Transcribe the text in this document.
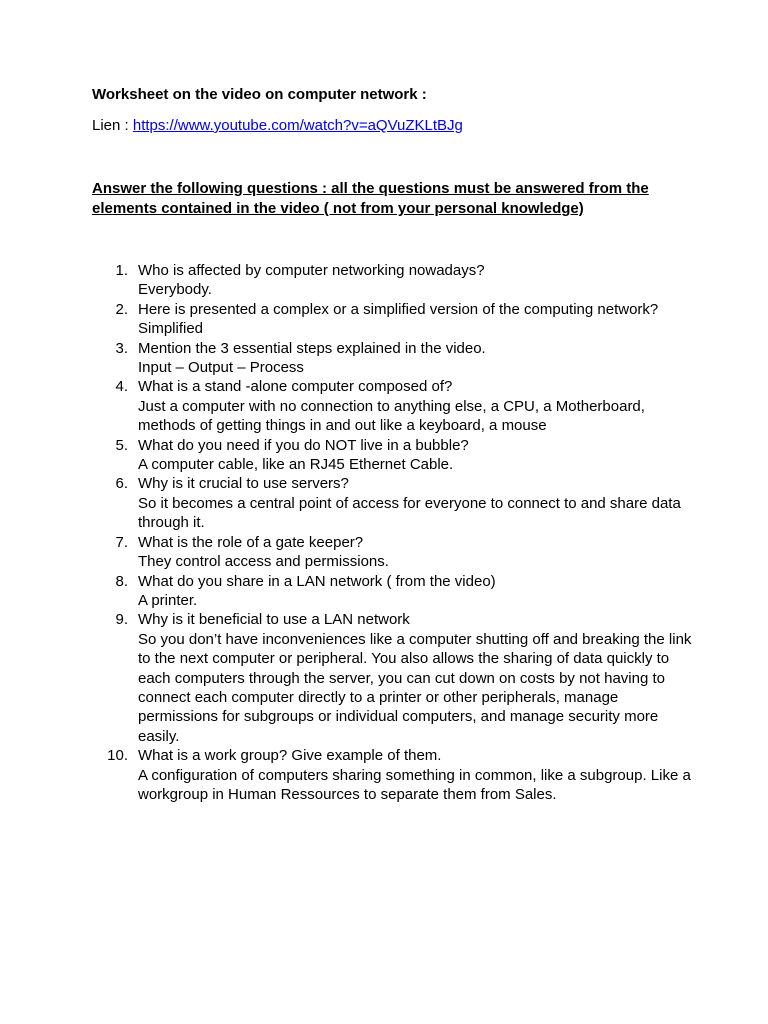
Worksheet on the video on computer network :
Lien : https://www.youtube.com/watch?v=aQVuZKLtBJg
Answer the following questions : all the questions must be answered from the
elements contained in the video ( not from your personal knowledge)
1. Who is affected by computer networking nowadays?
Everybody.
2. Here is presented a complex or a simplified version of the computing network?
Simplified
3. Mention the 3 essential steps explained in the video.
Input – Output – Process
4. What is a stand -alone computer composed of?
Just a computer with no connection to anything else, a CPU, a Motherboard, methods of getting things in and out like a keyboard, a mouse
5. What do you need if you do NOT live in a bubble?
A computer cable, like an RJ45 Ethernet Cable.
6. Why is it crucial to use servers?
So it becomes a central point of access for everyone to connect to and share data through it.
7. What is the role of a gate keeper?
They control access and permissions.
8. What do you share in a LAN network ( from the video)
A printer.
9. Why is it beneficial to use a LAN network
So you don’t have inconveniences like a computer shutting off and breaking the link to the next computer or peripheral. You also allows the sharing of data quickly to each computers through the server, you can cut down on costs by not having to connect each computer directly to a printer or other peripherals, manage permissions for subgroups or individual computers, and manage security more easily.
10. What is a work group? Give example of them.
A configuration of computers sharing something in common, like a subgroup. Like a workgroup in Human Ressources to separate them from Sales.
